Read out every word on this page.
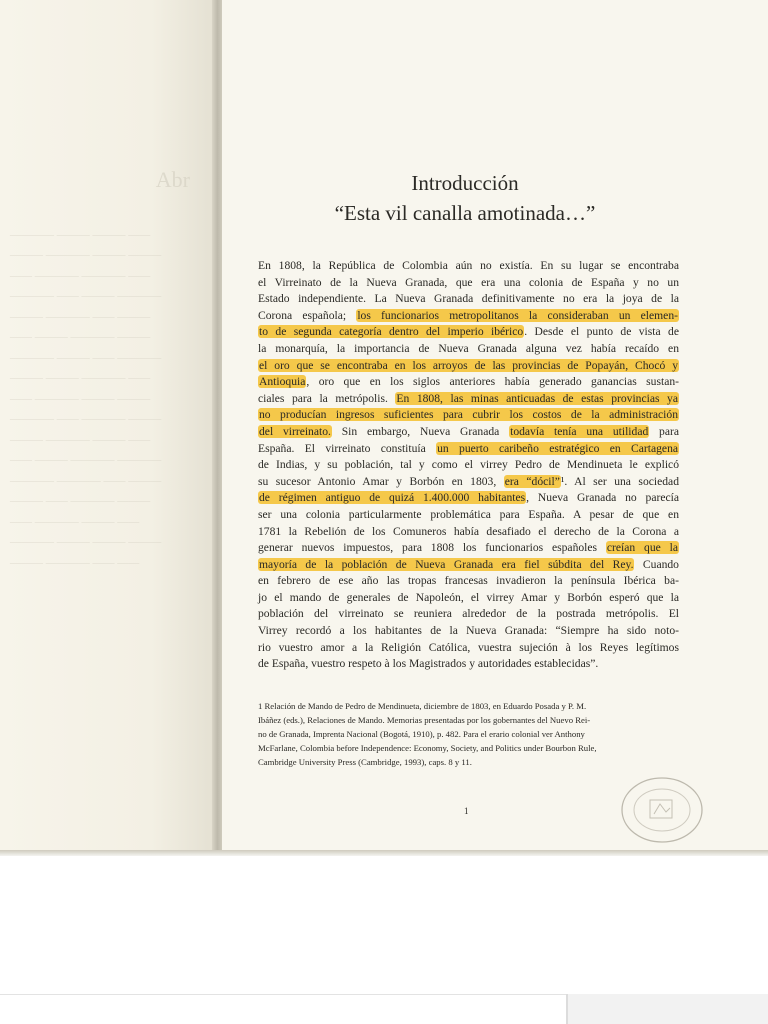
Abr
———— ——— ——— ——
——— ———— ——— ———
—— ———— ———— ——
———— —— ——— ————
——— ———— —— ———
—— ——— ———— ———
———— ——— —— ————
——— ——— ———— ——
—— ———— ——— ———
———— —— ———— ———
——— ———— ——— ——
—— ——— ———— ————
———— ———— —— ———
——— —— ———— ———
—— ———— ——— ——
———— ——— ——— ———
——— ———— —— ——
Introducción
“Esta vil canalla amotinada…”

En 1808, la República de Colombia aún no existía. En su lugar se encontraba
el Virreinato de la Nueva Granada, que era una colonia de España y no un
Estado independiente. La Nueva Granada definitivamente no era la joya de la
Corona española; los funcionarios metropolitanos la consideraban un elemen-
to de segunda categoría dentro del imperio ibérico. Desde el punto de vista de
la monarquía, la importancia de Nueva Granada alguna vez había recaído en
el oro que se encontraba en los arroyos de las provincias de Popayán, Chocó y
Antioquia, oro que en los siglos anteriores había generado ganancias sustan-
ciales para la metrópolis. En 1808, las minas anticuadas de estas provincias ya
no producían ingresos suficientes para cubrir los costos de la administración
del virreinato. Sin embargo, Nueva Granada todavía tenía una utilidad para
España. El virreinato constituía un puerto caribeño estratégico en Cartagena
de Indias, y su población, tal y como el virrey Pedro de Mendinueta le explicó
su sucesor Antonio Amar y Borbón en 1803, era “dócil”¹. Al ser una sociedad
de régimen antiguo de quizá 1.400.000 habitantes, Nueva Granada no parecía
ser una colonia particularmente problemática para España. A pesar de que en
1781 la Rebelión de los Comuneros había desafiado el derecho de la Corona a
generar nuevos impuestos, para 1808 los funcionarios españoles creían que la
mayoría de la población de Nueva Granada era fiel súbdita del Rey. Cuando
en febrero de ese año las tropas francesas invadieron la península Ibérica ba-
jo el mando de generales de Napoleón, el virrey Amar y Borbón esperó que la
población del virreinato se reuniera alrededor de la postrada metrópolis. El
Virrey recordó a los habitantes de la Nueva Granada: “Siempre ha sido noto-
rio vuestro amor a la Religión Católica, vuestra sujeción à los Reyes legítimos
de España, vuestro respeto à los Magistrados y autoridades establecidas”.

1 Relación de Mando de Pedro de Mendinueta, diciembre de 1803, en Eduardo Posada y P. M.
Ibáñez (eds.), Relaciones de Mando. Memorias presentadas por los gobernantes del Nuevo Rei-
no de Granada, Imprenta Nacional (Bogotá, 1910), p. 482. Para el erario colonial ver Anthony
McFarlane, Colombia before Independence: Economy, Society, and Politics under Bourbon Rule,
Cambridge University Press (Cambridge, 1993), caps. 8 y 11.

1
